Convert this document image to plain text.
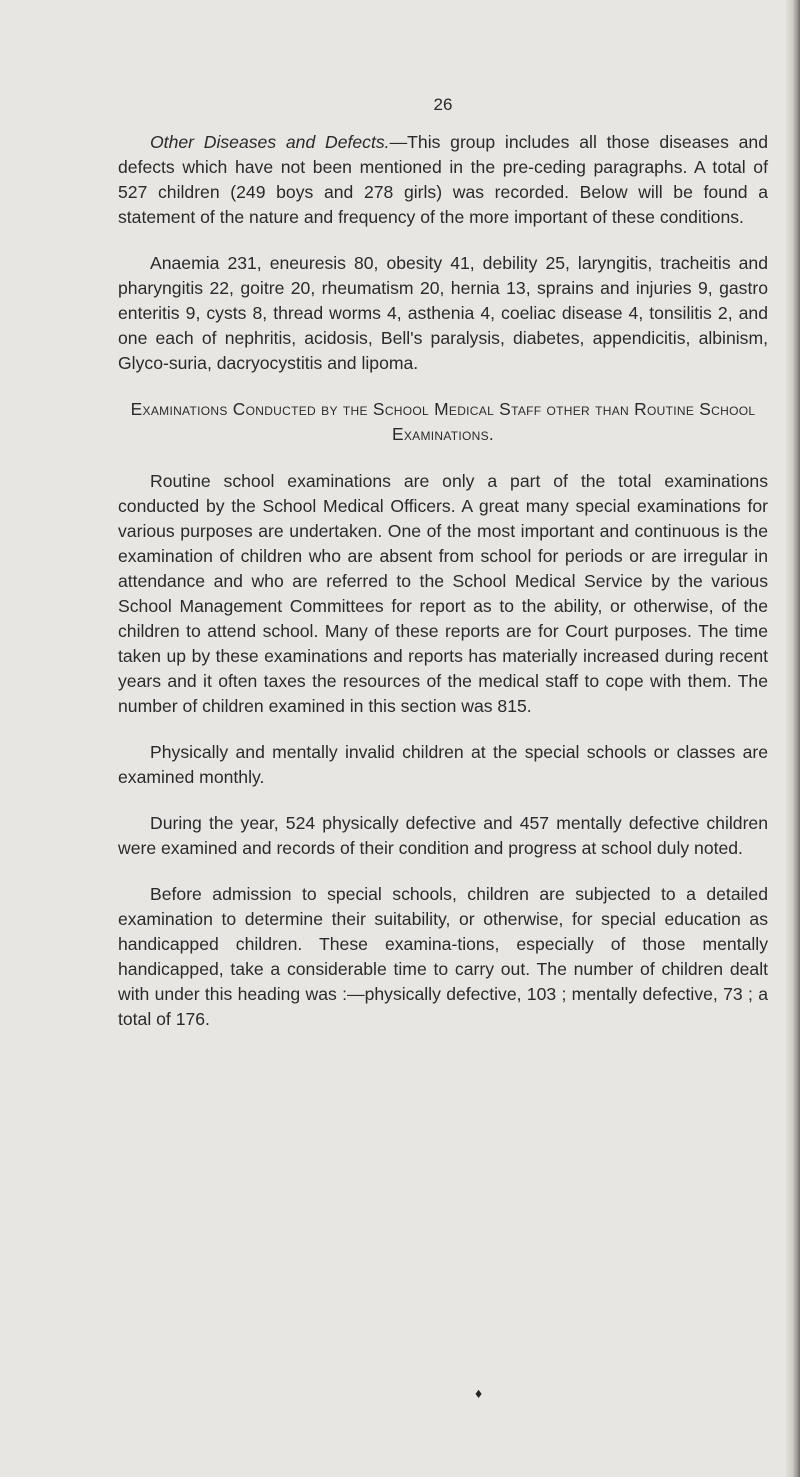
26

Other Diseases and Defects.—This group includes all those diseases and defects which have not been mentioned in the pre-ceding paragraphs. A total of 527 children (249 boys and 278 girls) was recorded. Below will be found a statement of the nature and frequency of the more important of these conditions.

Anaemia 231, eneuresis 80, obesity 41, debility 25, laryngitis, tracheitis and pharyngitis 22, goitre 20, rheumatism 20, hernia 13, sprains and injuries 9, gastro enteritis 9, cysts 8, thread worms 4, asthenia 4, coeliac disease 4, tonsilitis 2, and one each of nephritis, acidosis, Bell's paralysis, diabetes, appendicitis, albinism, Glyco-suria, dacryocystitis and lipoma.

Examinations Conducted by the School Medical Staff other than Routine School Examinations.

Routine school examinations are only a part of the total examinations conducted by the School Medical Officers. A great many special examinations for various purposes are undertaken. One of the most important and continuous is the examination of children who are absent from school for periods or are irregular in attendance and who are referred to the School Medical Service by the various School Management Committees for report as to the ability, or otherwise, of the children to attend school. Many of these reports are for Court purposes. The time taken up by these examinations and reports has materially increased during recent years and it often taxes the resources of the medical staff to cope with them. The number of children examined in this section was 815.

Physically and mentally invalid children at the special schools or classes are examined monthly.

During the year, 524 physically defective and 457 mentally defective children were examined and records of their condition and progress at school duly noted.

Before admission to special schools, children are subjected to a detailed examination to determine their suitability, or otherwise, for special education as handicapped children. These examina-tions, especially of those mentally handicapped, take a considerable time to carry out. The number of children dealt with under this heading was :—physically defective, 103 ; mentally defective, 73 ; a total of 176.

♦
